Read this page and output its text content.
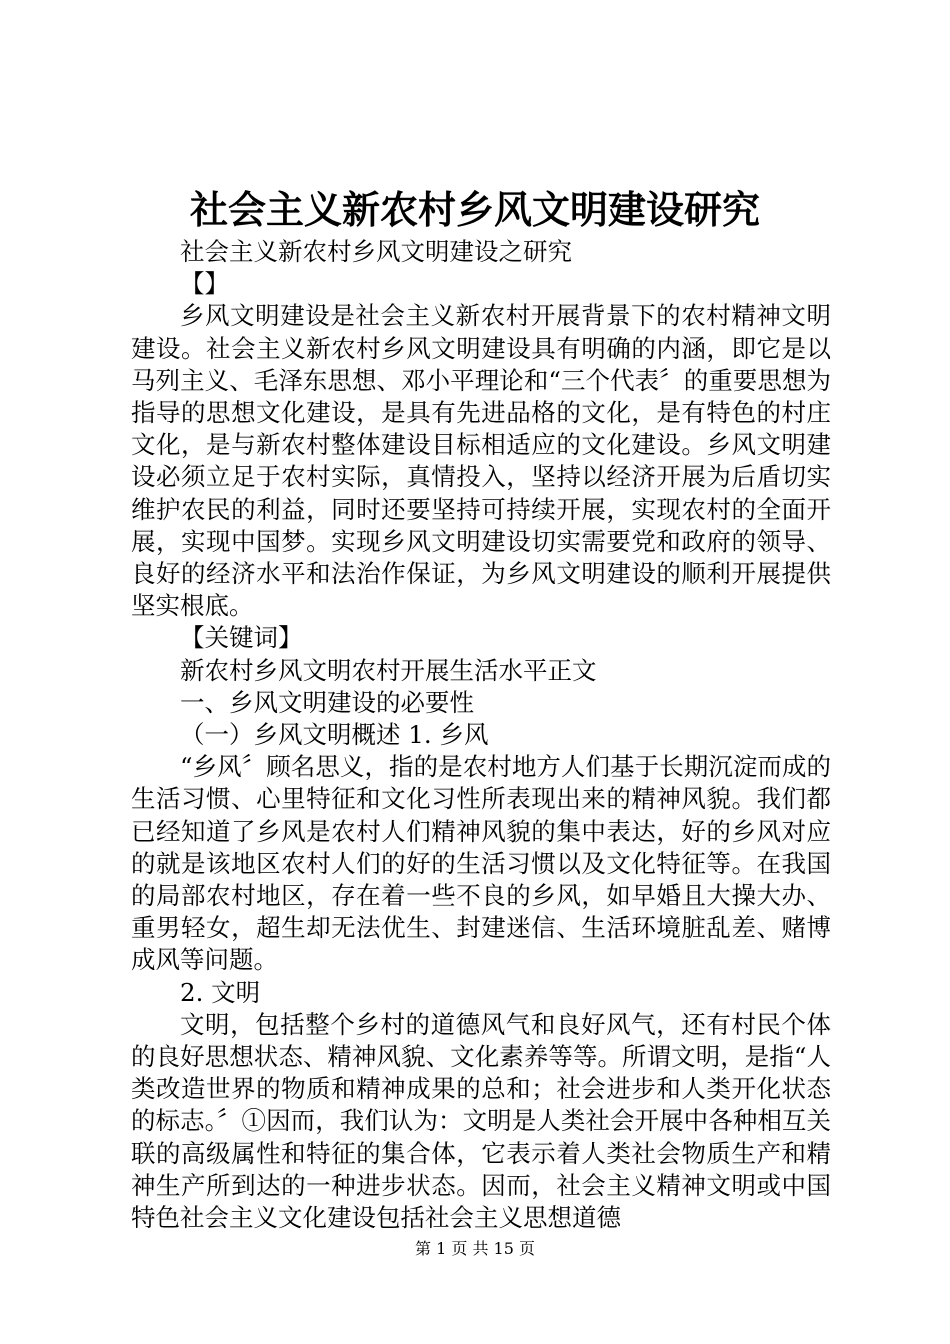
社会主义新农村乡风文明建设研究

社会主义新农村乡风文明建设之研究

【】

乡风文明建设是社会主义新农村开展背景下的农村精神文明建设。社会主义新农村乡风文明建设具有明确的内涵，即它是以马列主义、毛泽东思想、邓小平理论和“三个代表〞的重要思想为指导的思想文化建设，是具有先进品格的文化，是有特色的村庄文化，是与新农村整体建设目标相适应的文化建设。乡风文明建设必须立足于农村实际，真情投入，坚持以经济开展为后盾切实维护农民的利益，同时还要坚持可持续开展，实现农村的全面开展，实现中国梦。实现乡风文明建设切实需要党和政府的领导、良好的经济水平和法治作保证，为乡风文明建设的顺利开展提供坚实根底。

【关键词】

新农村乡风文明农村开展生活水平正文

一、乡风文明建设的必要性

（一）乡风文明概述 1. 乡风

“乡风〞顾名思义，指的是农村地方人们基于长期沉淀而成的生活习惯、心里特征和文化习性所表现出来的精神风貌。我们都已经知道了乡风是农村人们精神风貌的集中表达，好的乡风对应的就是该地区农村人们的好的生活习惯以及文化特征等。在我国的局部农村地区，存在着一些不良的乡风，如早婚且大操大办、重男轻女，超生却无法优生、封建迷信、生活环境脏乱差、赌博成风等问题。

2. 文明

文明，包括整个乡村的道德风气和良好风气，还有村民个体的良好思想状态、精神风貌、文化素养等等。所谓文明，是指“人类改造世界的物质和精神成果的总和；社会进步和人类开化状态的标志。〞①因而，我们认为：文明是人类社会开展中各种相互关联的高级属性和特征的集合体，它表示着人类社会物质生产和精神生产所到达的一种进步状态。因而，社会主义精神文明或中国特色社会主义文化建设包括社会主义思想道德

第 1 页 共 15 页
